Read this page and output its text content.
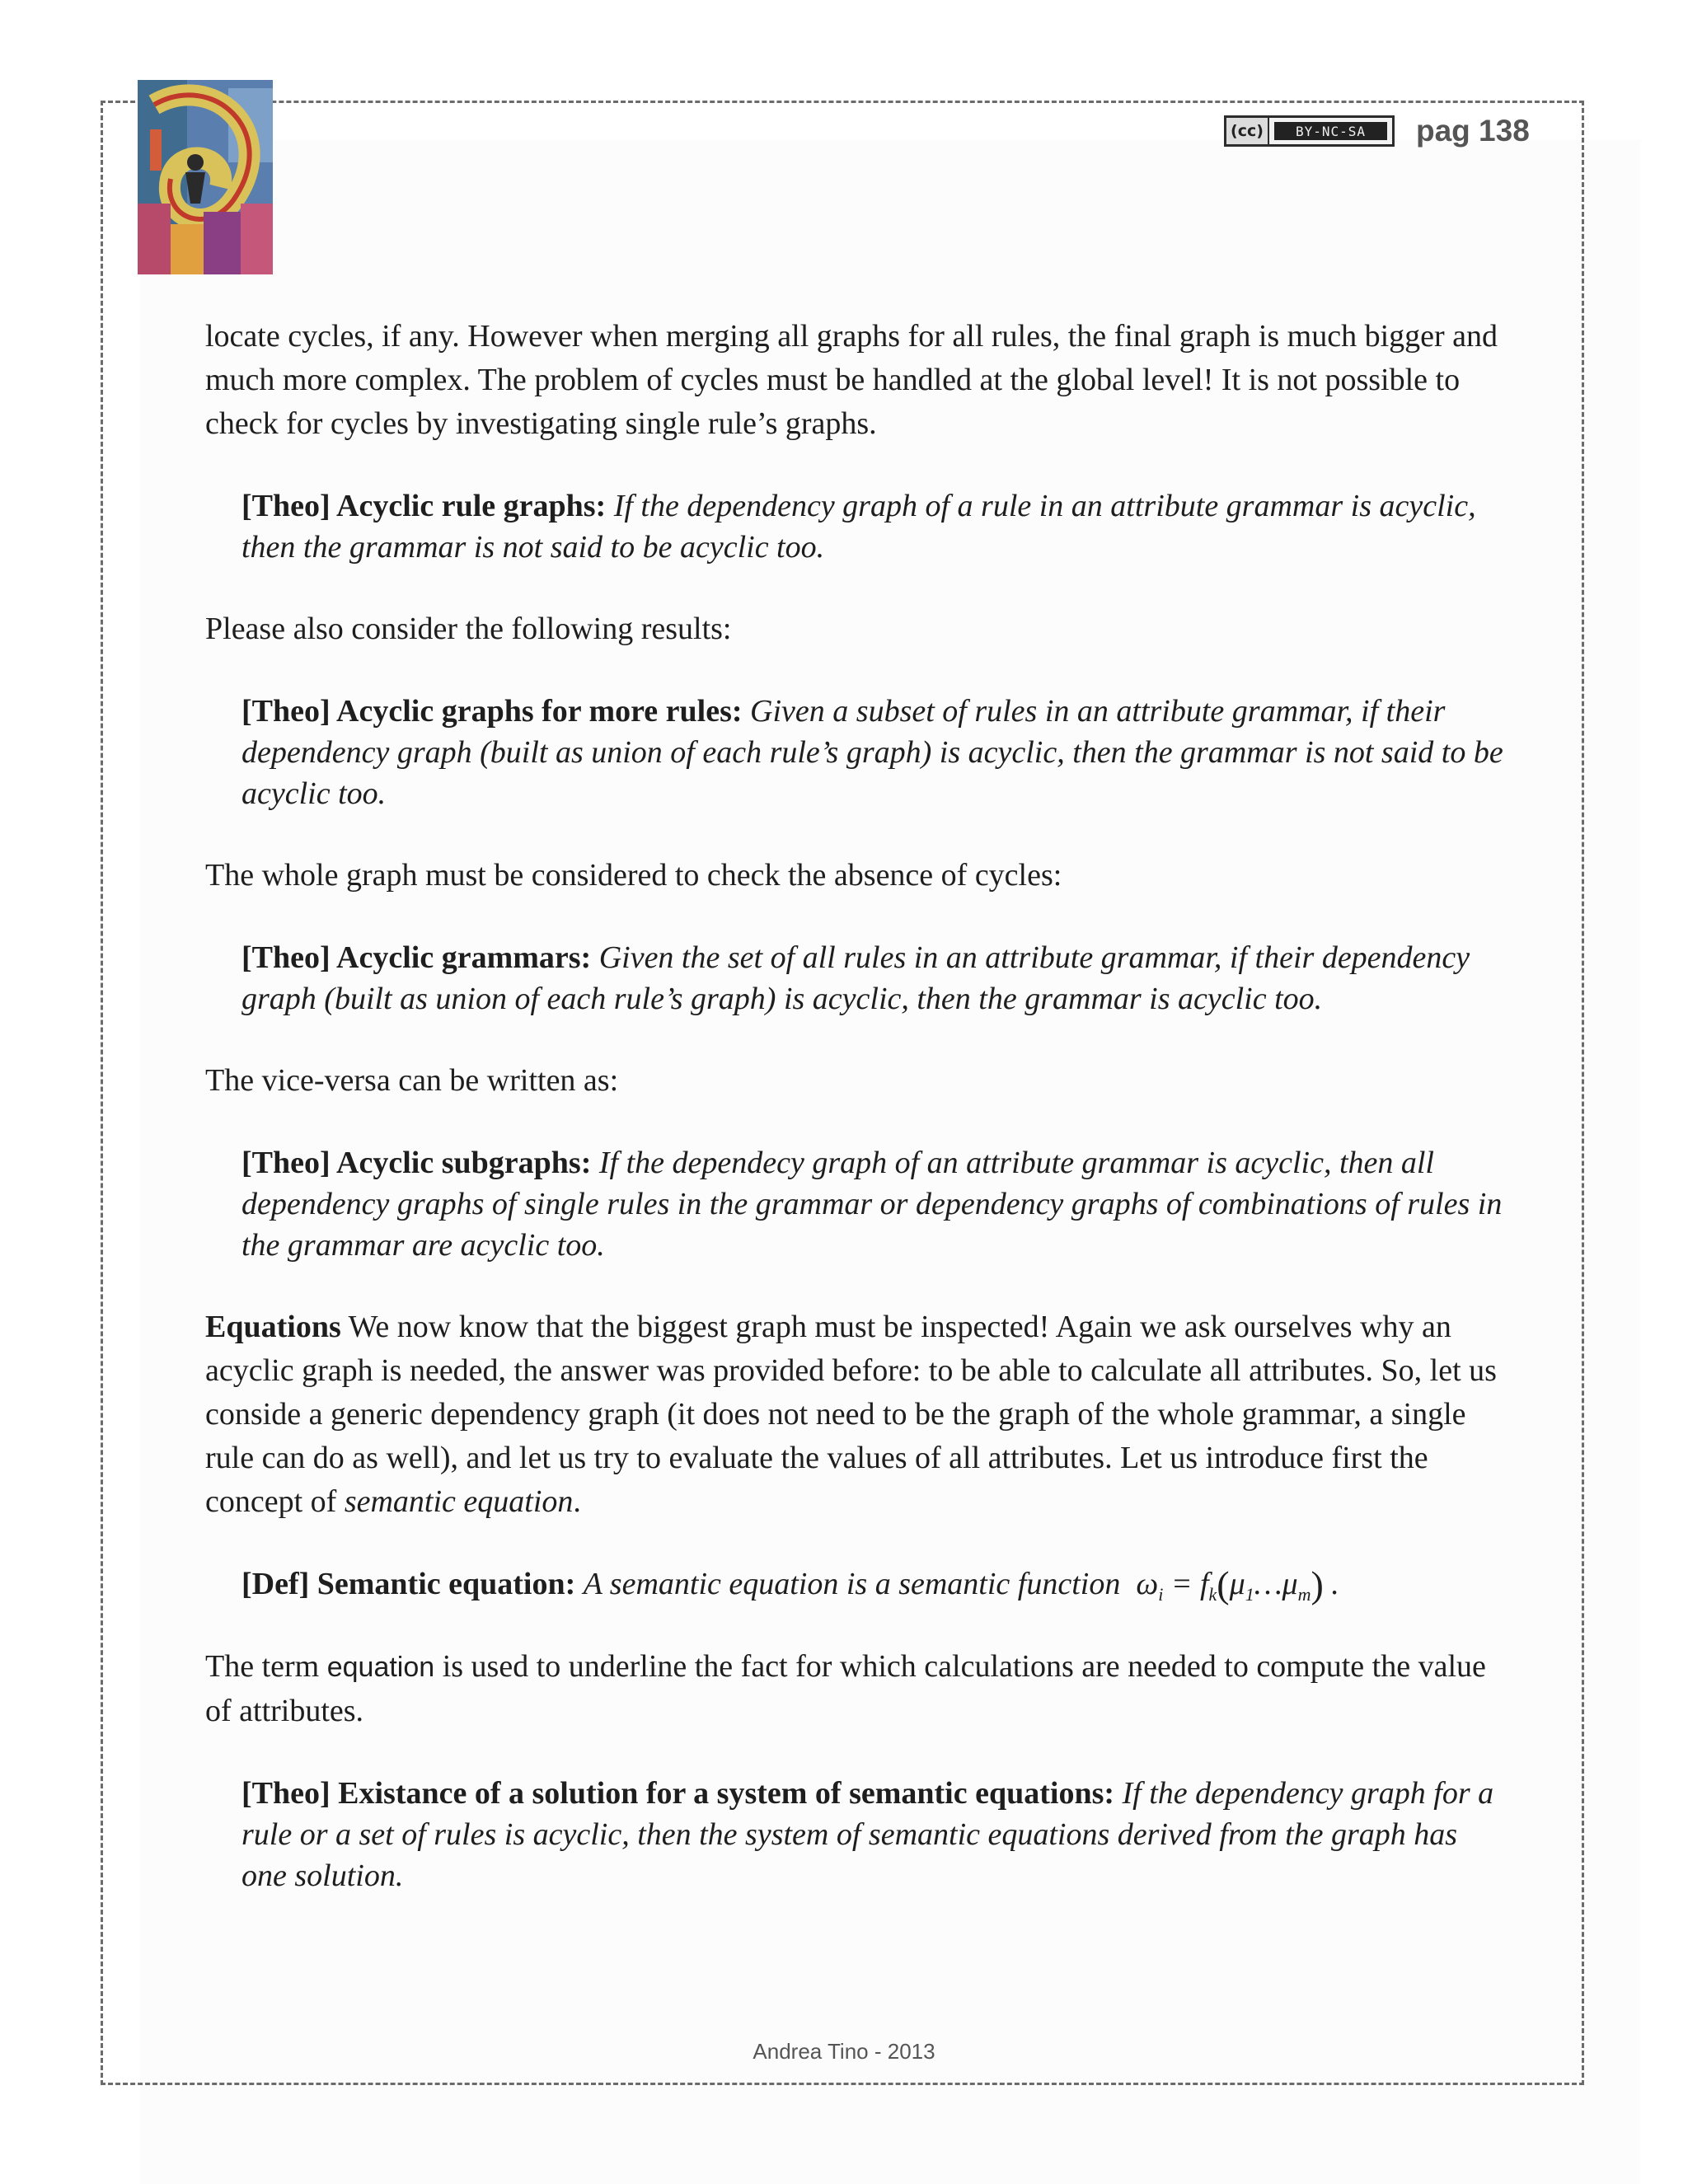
(cc)	BY-NC-SA	pag 138

locate cycles, if any. However when merging all graphs for all rules, the final graph is much bigger and much more complex. The problem of cycles must be handled at the global level! It is not possible to check for cycles by investigating single rule’s graphs.

[Theo] Acyclic rule graphs: If the dependency graph of a rule in an attribute grammar is acyclic, then the grammar is not said to be acyclic too.

Please also consider the following results:

[Theo] Acyclic graphs for more rules: Given a subset of rules in an attribute grammar, if their dependency graph (built as union of each rule’s graph) is acyclic, then the grammar is not said to be acyclic too.

The whole graph must be considered to check the absence of cycles:

[Theo] Acyclic grammars: Given the set of all rules in an attribute grammar, if their dependency graph (built as union of each rule’s graph) is acyclic, then the grammar is acyclic too.

The vice-versa can be written as:

[Theo] Acyclic subgraphs: If the dependecy graph of an attribute grammar is acyclic, then all dependency graphs of single rules in the grammar or dependency graphs of combinations of rules in the grammar are acyclic too.

Equations We now know that the biggest graph must be inspected! Again we ask ourselves why an acyclic graph is needed, the answer was provided before: to be able to calculate all attributes. So, let us conside a generic dependency graph (it does not need to be the graph of the whole grammar, a single rule can do as well), and let us try to evaluate the values of all attributes. Let us introduce first the concept of semantic equation.

[Def] Semantic equation: A semantic equation is a semantic function  $\omega_i$ = $f_k(\mu_1\dots\mu_m)$ .

The term equation is used to underline the fact for which calculations are needed to compute the value of attributes.

[Theo] Existance of a solution for a system of semantic equations: If the dependency graph for a rule or a set of rules is acyclic, then the system of semantic equations derived from the graph has one solution.

Andrea Tino - 2013
